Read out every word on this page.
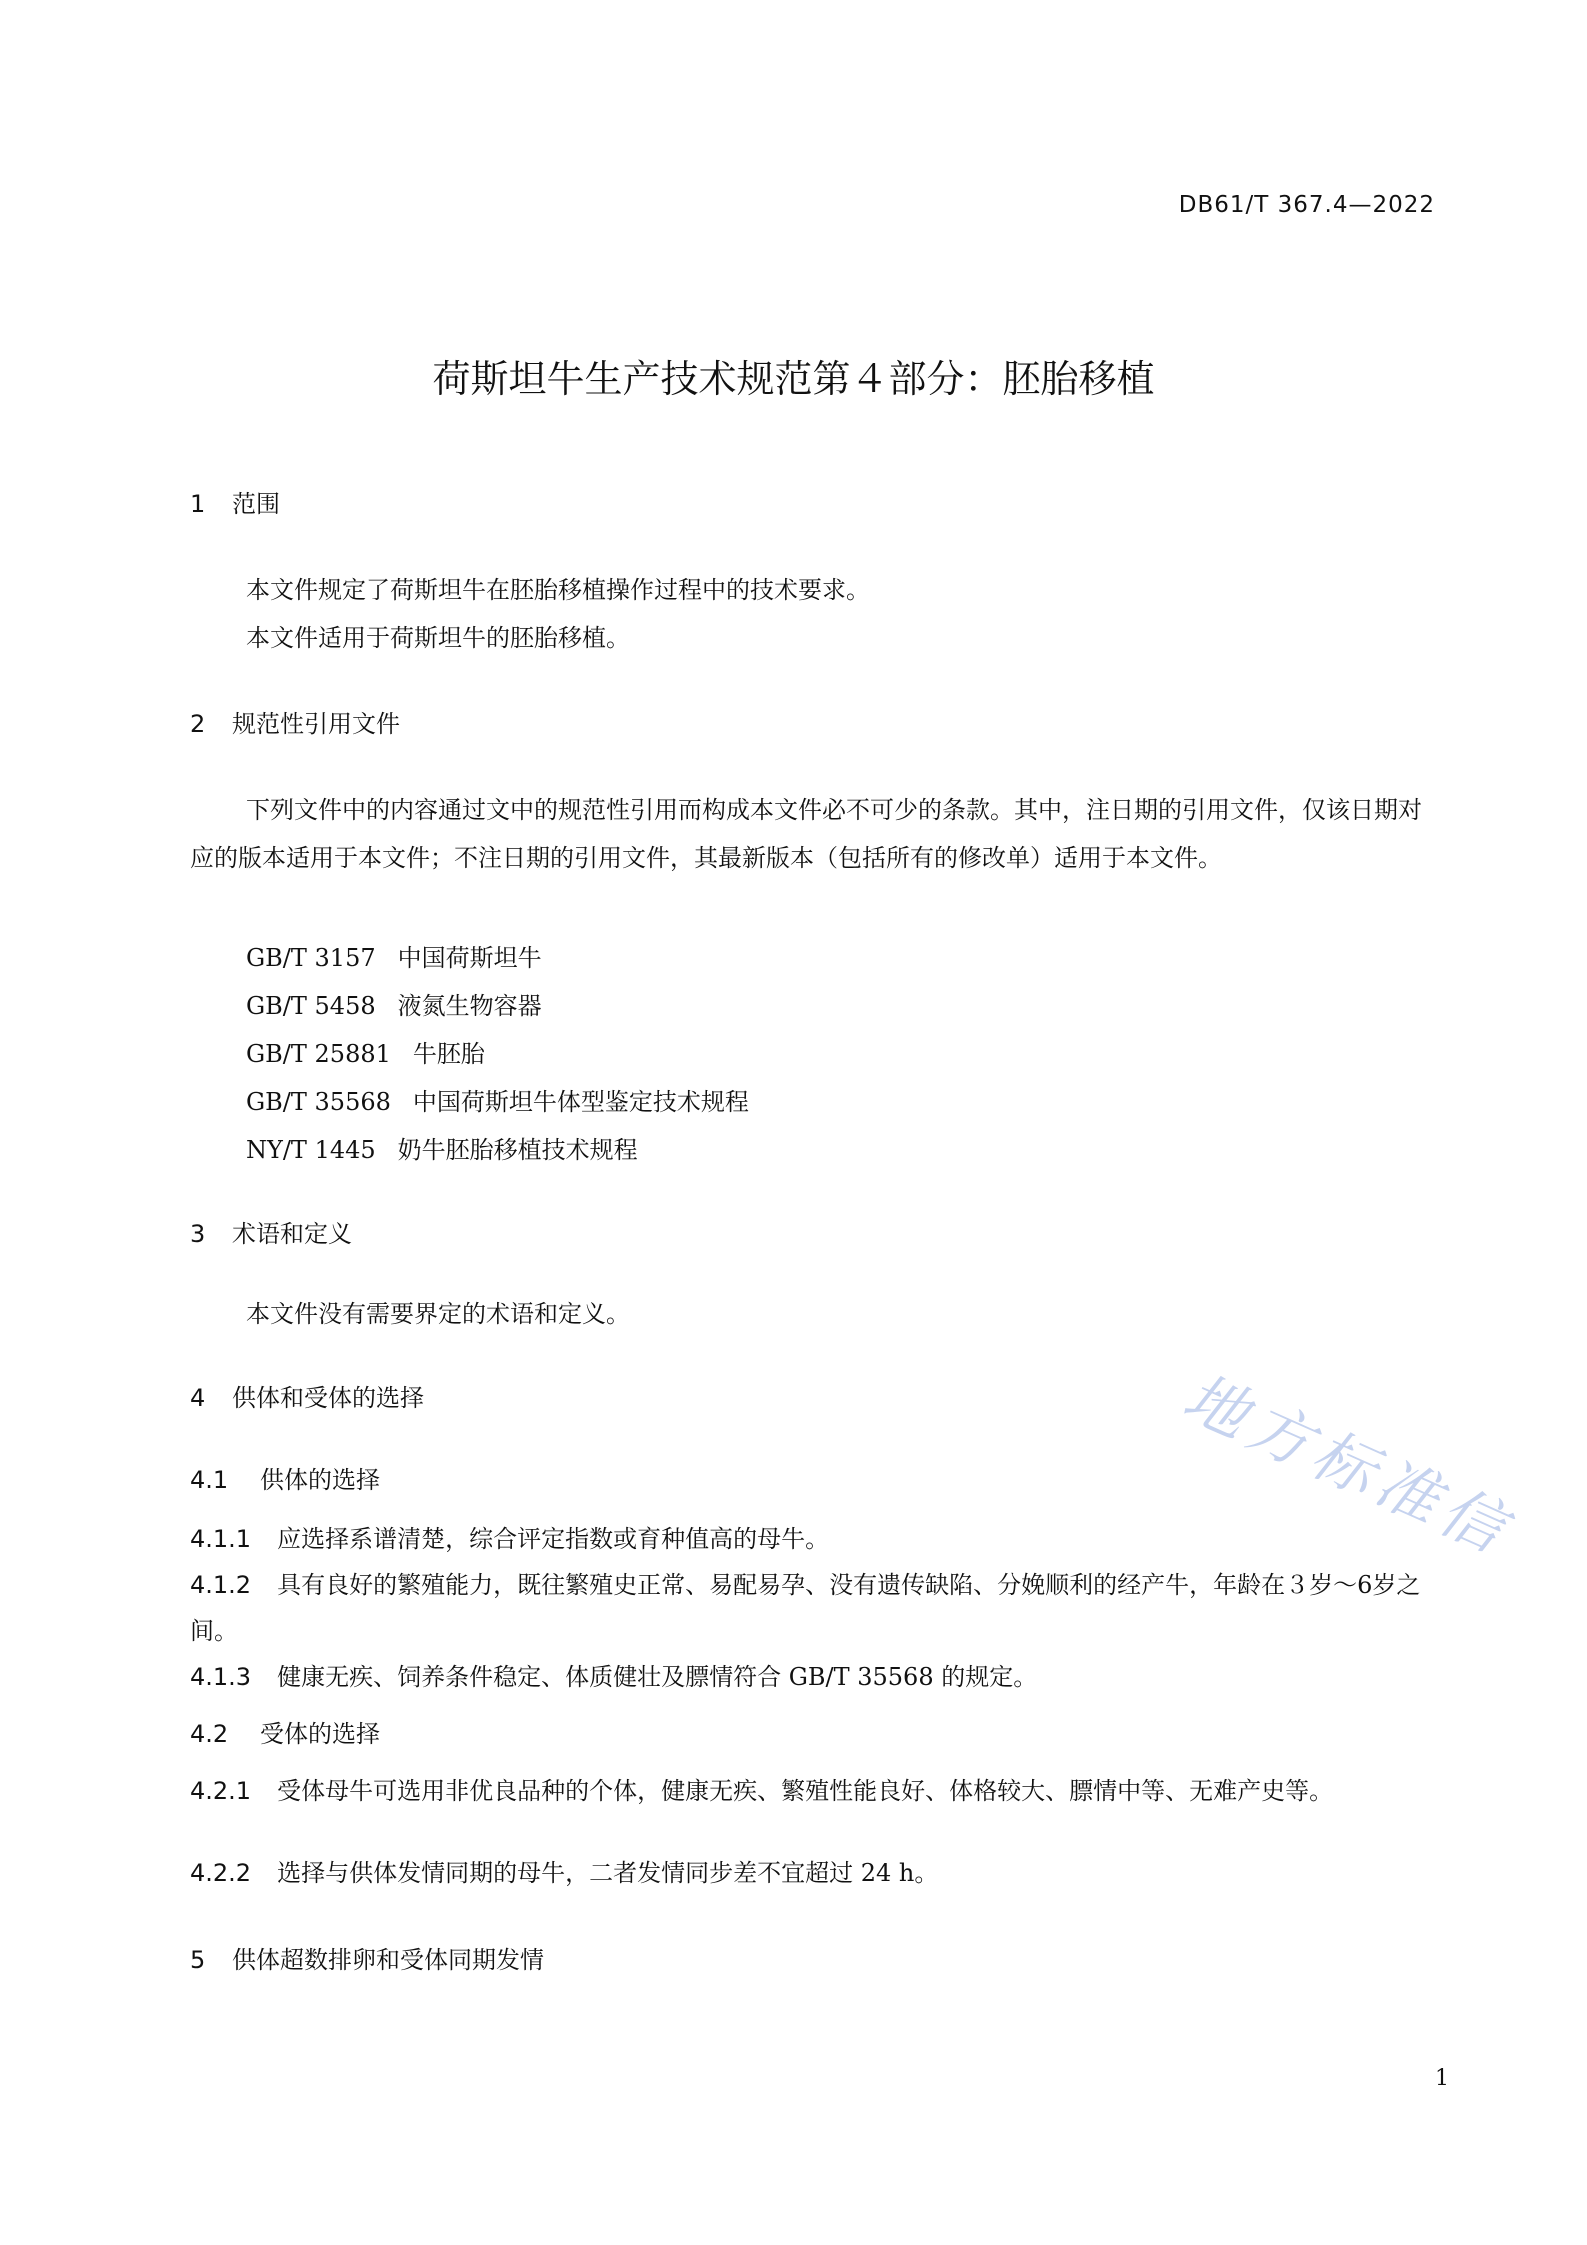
DB61/T 367.4—2022
荷斯坦牛生产技术规范第４部分：胚胎移植
1 范围
本文件规定了荷斯坦牛在胚胎移植操作过程中的技术要求。
本文件适用于荷斯坦牛的胚胎移植。
2 规范性引用文件
下列文件中的内容通过文中的规范性引用而构成本文件必不可少的条款。其中，注日期的引用文件，仅该日期对应的版本适用于本文件；不注日期的引用文件，其最新版本（包括所有的修改单）适用于本文件。
GB/T 3157 中国荷斯坦牛
GB/T 5458 液氮生物容器
GB/T 25881 牛胚胎
GB/T 35568 中国荷斯坦牛体型鉴定技术规程
NY/T 1445 奶牛胚胎移植技术规程
3 术语和定义
本文件没有需要界定的术语和定义。
4 供体和受体的选择
4.1 供体的选择
4.1.1 应选择系谱清楚，综合评定指数或育种值高的母牛。
4.1.2 具有良好的繁殖能力，既往繁殖史正常、易配易孕、没有遗传缺陷、分娩顺利的经产牛，年龄在３岁～6岁之间。
4.1.3 健康无疾、饲养条件稳定、体质健壮及膘情符合 GB/T 35568 的规定。
4.2 受体的选择
4.2.1 受体母牛可选用非优良品种的个体，健康无疾、繁殖性能良好、体格较大、膘情中等、无难产史等。
4.2.2 选择与供体发情同期的母牛，二者发情同步差不宜超过 24 h。
5 供体超数排卵和受体同期发情
地方标准信
1
